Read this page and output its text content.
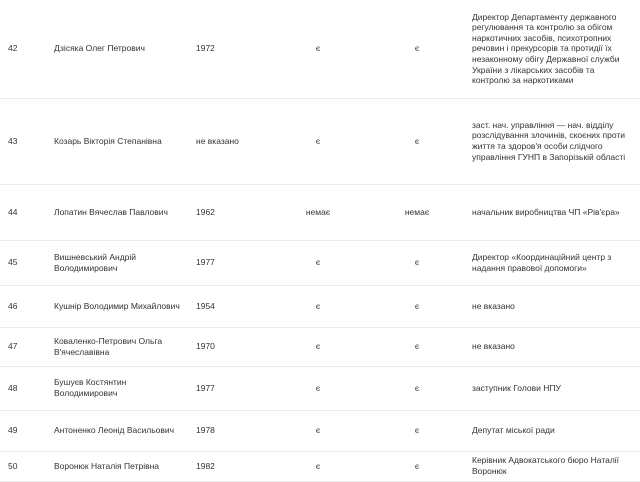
42	Дзісяка Олег Петрович	1972	є	є	Директор Департаменту державного регулювання та контролю за обігом наркотичних засобів, психотропних речовин і прекурсорів та протидії їх незаконному обігу Державної служби України з лікарських засобів та контролю за наркотиками
43	Козарь Вікторія Степанівна	не вказано	є	є	заст. нач. управління — нач. відділу розслідування злочинів, скоєних проти життя та здоров'я особи слідчого управління ГУНП в Запорізькій області
44	Лопатин Вячеслав Павлович	1962	немає	немає	начальник виробництва ЧП «Рів'єра»
45	Вишневський Андрій Володимирович	1977	є	є	Директор «Координаційний центр з надання правової допомоги»
46	Кушнір Володимир Михайлович	1954	є	є	не вказано
47	Коваленко-Петрович Ольга В'ячеславівна	1970	є	є	не вказано
48	Бушуєв Костянтин Володимирович	1977	є	є	заступник Голови НПУ
49	Антоненко Леонід Васильович	1978	є	є	Депутат міської ради
50	Воронюк Наталія Петрівна	1982	є	є	Керівник Адвокатського бюро Наталії Воронюк
